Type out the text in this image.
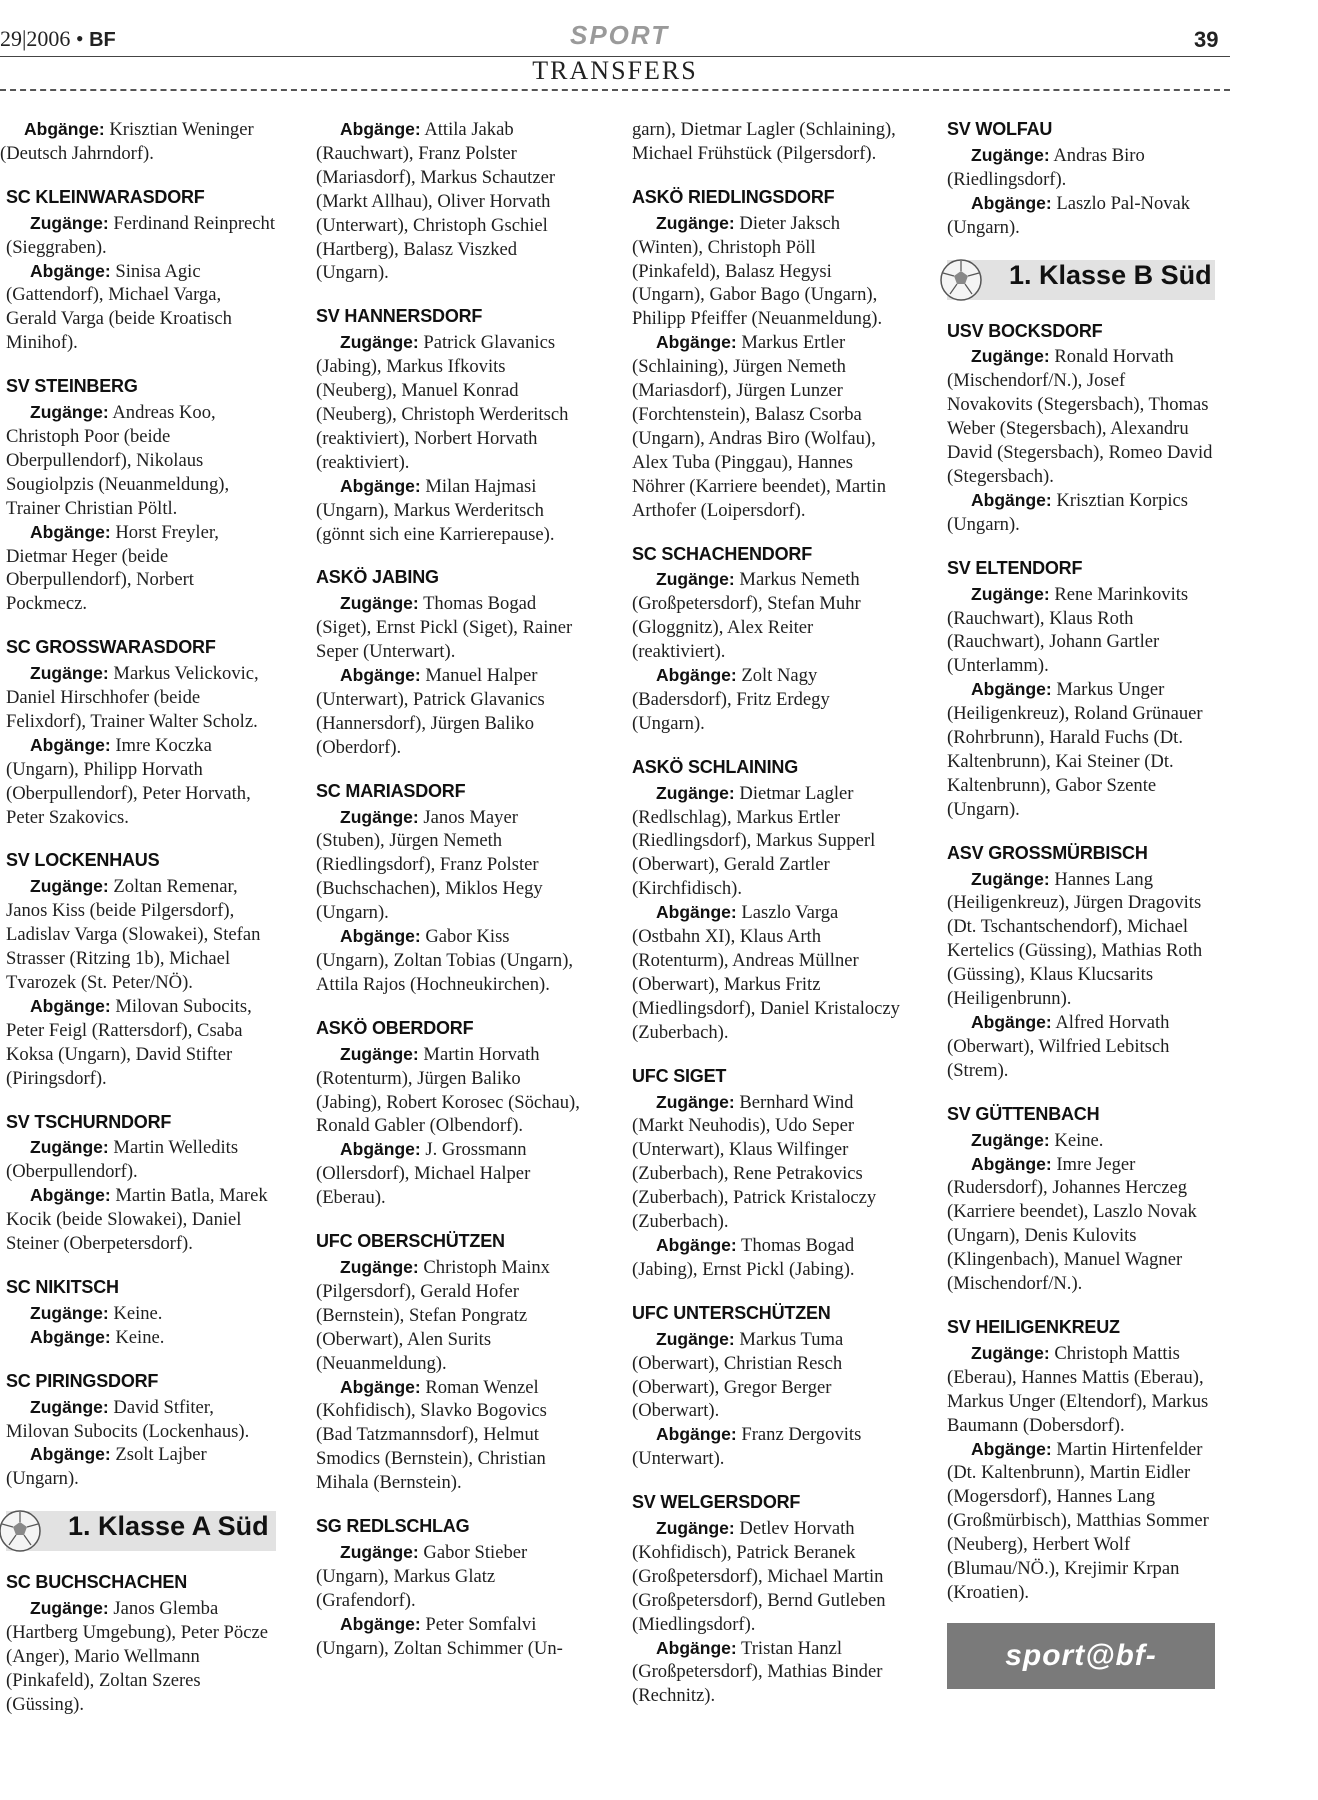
29|2006 • BF	SPORT	39
TRANSFERS

Abgänge: Krisztian Weninger (Deutsch Jahrndorf).

SC KLEINWARASDORF

Zugänge: Ferdinand Reinprecht (Sieggraben).

Abgänge: Sinisa Agic (Gattendorf), Michael Varga, Gerald Varga (beide Kroatisch Minihof).

SV STEINBERG

Zugänge: Andreas Koo, Christoph Poor (beide Oberpullendorf), Nikolaus Sougiolpzis (Neuanmeldung), Trainer Christian Pöltl.

Abgänge: Horst Freyler, Dietmar Heger (beide Oberpullendorf), Norbert Pockmecz.

SC GROSSWARASDORF

Zugänge: Markus Velickovic, Daniel Hirschhofer (beide Felixdorf), Trainer Walter Scholz.

Abgänge: Imre Koczka (Ungarn), Philipp Horvath (Oberpullendorf), Peter Horvath, Peter Szakovics.

SV LOCKENHAUS

Zugänge: Zoltan Remenar, Janos Kiss (beide Pilgersdorf), Ladislav Varga (Slowakei), Stefan Strasser (Ritzing 1b), Michael Tvarozek (St. Peter/NÖ).

Abgänge: Milovan Subocits, Peter Feigl (Rattersdorf), Csaba Koksa (Ungarn), David Stifter (Piringsdorf).

SV TSCHURNDORF

Zugänge: Martin Welledits (Oberpullendorf).

Abgänge: Martin Batla, Marek Kocik (beide Slowakei), Daniel Steiner (Oberpetersdorf).

SC NIKITSCH

Zugänge: Keine.

Abgänge: Keine.

SC PIRINGSDORF

Zugänge: David Stfiter, Milovan Subocits (Lockenhaus).

Abgänge: Zsolt Lajber (Ungarn).

1. Klasse A Süd
SC BUCHSCHACHEN

Zugänge: Janos Glemba (Hartberg Umgebung), Peter Pöcze (Anger), Mario Wellmann (Pinkafeld), Zoltan Szeres (Güssing).

Abgänge: Attila Jakab (Rauchwart), Franz Polster (Mariasdorf), Markus Schautzer (Markt Allhau), Oliver Horvath (Unterwart), Christoph Gschiel (Hartberg), Balasz Viszked (Ungarn).

SV HANNERSDORF

Zugänge: Patrick Glavanics (Jabing), Markus Ifkovits (Neuberg), Manuel Konrad (Neuberg), Christoph Werderitsch (reaktiviert), Norbert Horvath (reaktiviert).

Abgänge: Milan Hajmasi (Ungarn), Markus Werderitsch (gönnt sich eine Karrierepause).

ASKÖ JABING

Zugänge: Thomas Bogad (Siget), Ernst Pickl (Siget), Rainer Seper (Unterwart).

Abgänge: Manuel Halper (Unterwart), Patrick Glavanics (Hannersdorf), Jürgen Baliko (Oberdorf).

SC MARIASDORF

Zugänge: Janos Mayer (Stuben), Jürgen Nemeth (Riedlingsdorf), Franz Polster (Buchschachen), Miklos Hegy (Ungarn).

Abgänge: Gabor Kiss (Ungarn), Zoltan Tobias (Ungarn), Attila Rajos (Hochneukirchen).

ASKÖ OBERDORF

Zugänge: Martin Horvath (Rotenturm), Jürgen Baliko (Jabing), Robert Korosec (Söchau), Ronald Gabler (Olbendorf).

Abgänge: J. Grossmann (Ollersdorf), Michael Halper (Eberau).

UFC OBERSCHÜTZEN

Zugänge: Christoph Mainx (Pilgersdorf), Gerald Hofer (Bernstein), Stefan Pongratz (Oberwart), Alen Surits (Neuanmeldung).

Abgänge: Roman Wenzel (Kohfidisch), Slavko Bogovics (Bad Tatzmannsdorf), Helmut Smodics (Bernstein), Christian Mihala (Bernstein).

SG REDLSCHLAG

Zugänge: Gabor Stieber (Ungarn), Markus Glatz (Grafendorf).

Abgänge: Peter Somfalvi (Ungarn), Zoltan Schimmer (Un-

garn), Dietmar Lagler (Schlaining), Michael Frühstück (Pilgersdorf).

ASKÖ RIEDLINGSDORF

Zugänge: Dieter Jaksch (Winten), Christoph Pöll (Pinkafeld), Balasz Hegysi (Ungarn), Gabor Bago (Ungarn), Philipp Pfeiffer (Neuanmeldung).

Abgänge: Markus Ertler (Schlaining), Jürgen Nemeth (Mariasdorf), Jürgen Lunzer (Forchtenstein), Balasz Csorba (Ungarn), Andras Biro (Wolfau), Alex Tuba (Pinggau), Hannes Nöhrer (Karriere beendet), Martin Arthofer (Loipersdorf).

SC SCHACHENDORF

Zugänge: Markus Nemeth (Großpetersdorf), Stefan Muhr (Gloggnitz), Alex Reiter (reaktiviert).

Abgänge: Zolt Nagy (Badersdorf), Fritz Erdegy (Ungarn).

ASKÖ SCHLAINING

Zugänge: Dietmar Lagler (Redlschlag), Markus Ertler (Riedlingsdorf), Markus Supperl (Oberwart), Gerald Zartler (Kirchfidisch).

Abgänge: Laszlo Varga (Ostbahn XI), Klaus Arth (Rotenturm), Andreas Müllner (Oberwart), Markus Fritz (Miedlingsdorf), Daniel Kristaloczy (Zuberbach).

UFC SIGET

Zugänge: Bernhard Wind (Markt Neuhodis), Udo Seper (Unterwart), Klaus Wilfinger (Zuberbach), Rene Petrakovics (Zuberbach), Patrick Kristaloczy (Zuberbach).

Abgänge: Thomas Bogad (Jabing), Ernst Pickl (Jabing).

UFC UNTERSCHÜTZEN

Zugänge: Markus Tuma (Oberwart), Christian Resch (Oberwart), Gregor Berger (Oberwart).

Abgänge: Franz Dergovits (Unterwart).

SV WELGERSDORF

Zugänge: Detlev Horvath (Kohfidisch), Patrick Beranek (Großpetersdorf), Michael Martin (Großpetersdorf), Bernd Gutleben (Miedlingsdorf).

Abgänge: Tristan Hanzl (Großpetersdorf), Mathias Binder (Rechnitz).

SV WOLFAU

Zugänge: Andras Biro (Riedlingsdorf).

Abgänge: Laszlo Pal-Novak (Ungarn).

1. Klasse B Süd
USV BOCKSDORF

Zugänge: Ronald Horvath (Mischendorf/N.), Josef Novakovits (Stegersbach), Thomas Weber (Stegersbach), Alexandru David (Stegersbach), Romeo David (Stegersbach).

Abgänge: Krisztian Korpics (Ungarn).

SV ELTENDORF

Zugänge: Rene Marinkovits (Rauchwart), Klaus Roth (Rauchwart), Johann Gartler (Unterlamm).

Abgänge: Markus Unger (Heiligenkreuz), Roland Grünauer (Rohrbrunn), Harald Fuchs (Dt. Kaltenbrunn), Kai Steiner (Dt. Kaltenbrunn), Gabor Szente (Ungarn).

ASV GROSSMÜRBISCH

Zugänge: Hannes Lang (Heiligenkreuz), Jürgen Dragovits (Dt. Tschantschendorf), Michael Kertelics (Güssing), Mathias Roth (Güssing), Klaus Klucsarits (Heiligenbrunn).

Abgänge: Alfred Horvath (Oberwart), Wilfried Lebitsch (Strem).

SV GÜTTENBACH

Zugänge: Keine.

Abgänge: Imre Jeger (Rudersdorf), Johannes Herczeg (Karriere beendet), Laszlo Novak (Ungarn), Denis Kulovits (Klingenbach), Manuel Wagner (Mischendorf/N.).

SV HEILIGENKREUZ

Zugänge: Christoph Mattis (Eberau), Hannes Mattis (Eberau), Markus Unger (Eltendorf), Markus Baumann (Dobersdorf).

Abgänge: Martin Hirtenfelder (Dt. Kaltenbrunn), Martin Eidler (Mogersdorf), Hannes Lang (Großmürbisch), Matthias Sommer (Neuberg), Herbert Wolf (Blumau/NÖ.), Krejimir Krpan (Kroatien).

sport@bf-online.at
